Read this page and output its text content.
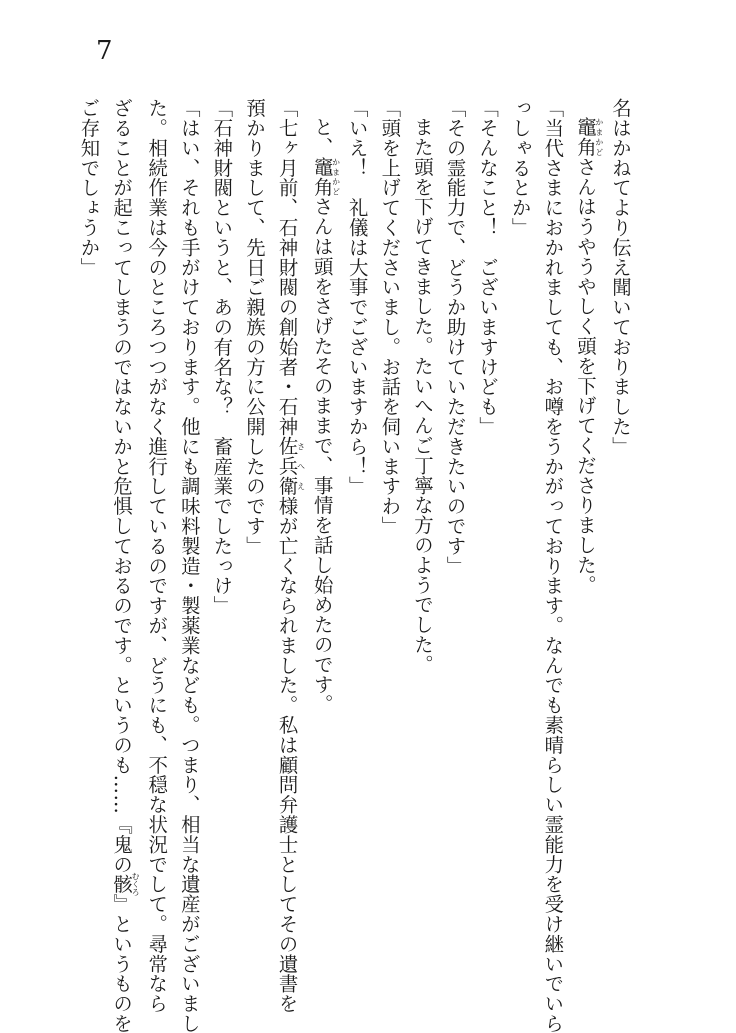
7
名はかねてより伝え聞いておりました」
竈角かまかどさんはうやうやしく頭を下げてくださりました。
「当代さまにおかれましても、お噂をうかがっております。なんでも素晴らしい霊能力を受け継いでいら
っしゃるとか」
「そんなこと！　ございますけども」
「その霊能力で、どうか助けていただきたいのです」
また頭を下げてきました。たいへんご丁寧な方のようでした。
「頭を上げてくださいまし。お話を伺いますわ」
「いえ！　礼儀は大事でございますから！」
と、竈角かまかどさんは頭をさげたそのままで、事情を話し始めたのです。
「七ヶ月前、石神財閥の創始者・石神佐兵衛さへえ様が亡くなられました。私は顧問弁護士としてその遺書を
預かりまして、先日ご親族の方に公開したのです」
「石神財閥というと、あの有名な？　畜産業でしたっけ」
「はい、それも手がけております。他にも調味料製造・製薬業なども。つまり、相当な遺産がございまし
た。相続作業は今のところつつがなく進行しているのですが、どうにも、不穏な状況でして。尋常なら
ざることが起こってしまうのではないかと危惧しておるのです。というのも……『鬼の骸むくろ』というものを
ご存知でしょうか」
